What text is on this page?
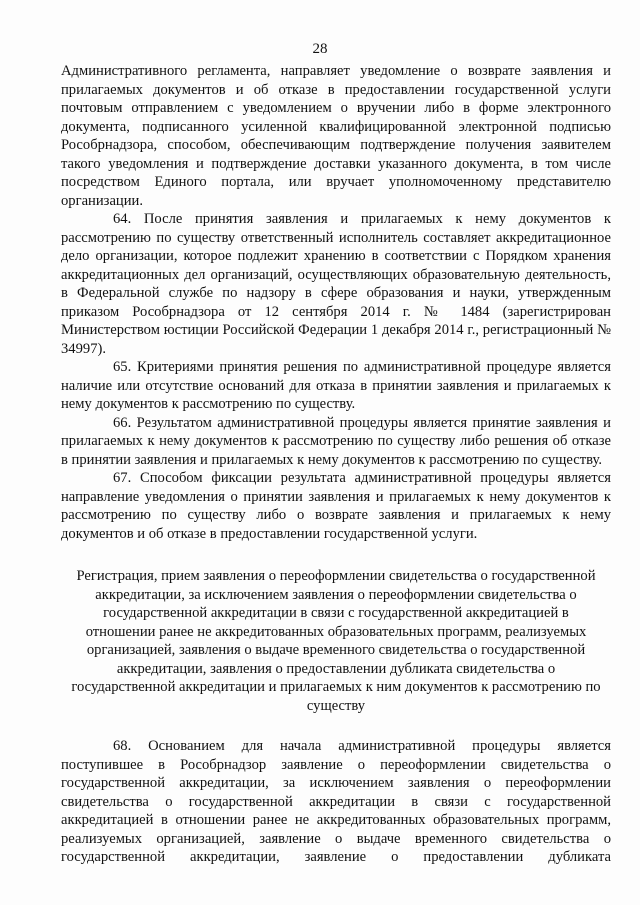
28

Административного регламента, направляет уведомление о возврате заявления и прилагаемых документов и об отказе в предоставлении государственной услуги почтовым отправлением с уведомлением о вручении либо в форме электронного документа, подписанного усиленной квалифицированной электронной подписью Рособрнадзора, способом, обеспечивающим подтверждение получения заявителем такого уведомления и подтверждение доставки указанного документа, в том числе посредством Единого портала, или вручает уполномоченному представителю организации.

64. После принятия заявления и прилагаемых к нему документов к рассмотрению по существу ответственный исполнитель составляет аккредитационное дело организации, которое подлежит хранению в соответствии с Порядком хранения аккредитационных дел организаций, осуществляющих образовательную деятельность, в Федеральной службе по надзору в сфере образования и науки, утвержденным приказом Рособрнадзора от 12 сентября 2014 г. № 1484 (зарегистрирован Министерством юстиции Российской Федерации 1 декабря 2014 г., регистрационный № 34997).

65. Критериями принятия решения по административной процедуре является наличие или отсутствие оснований для отказа в принятии заявления и прилагаемых к нему документов к рассмотрению по существу.

66. Результатом административной процедуры является принятие заявления и прилагаемых к нему документов к рассмотрению по существу либо решения об отказе в принятии заявления и прилагаемых к нему документов к рассмотрению по существу.

67. Способом фиксации результата административной процедуры является направление уведомления о принятии заявления и прилагаемых к нему документов к рассмотрению по существу либо о возврате заявления и прилагаемых к нему документов и об отказе в предоставлении государственной услуги.

Регистрация, прием заявления о переоформлении свидетельства о государственной аккредитации, за исключением заявления о переоформлении свидетельства о государственной аккредитации в связи с государственной аккредитацией в отношении ранее не аккредитованных образовательных программ, реализуемых организацией, заявления о выдаче временного свидетельства о государственной аккредитации, заявления о предоставлении дубликата свидетельства о государственной аккредитации и прилагаемых к ним документов к рассмотрению по существу

68. Основанием для начала административной процедуры является поступившее в Рособрнадзор заявление о переоформлении свидетельства о государственной аккредитации, за исключением заявления о переоформлении свидетельства о государственной аккредитации в связи с государственной аккредитацией в отношении ранее не аккредитованных образовательных программ, реализуемых организацией, заявление о выдаче временного свидетельства о государственной аккредитации, заявление о предоставлении дубликата
